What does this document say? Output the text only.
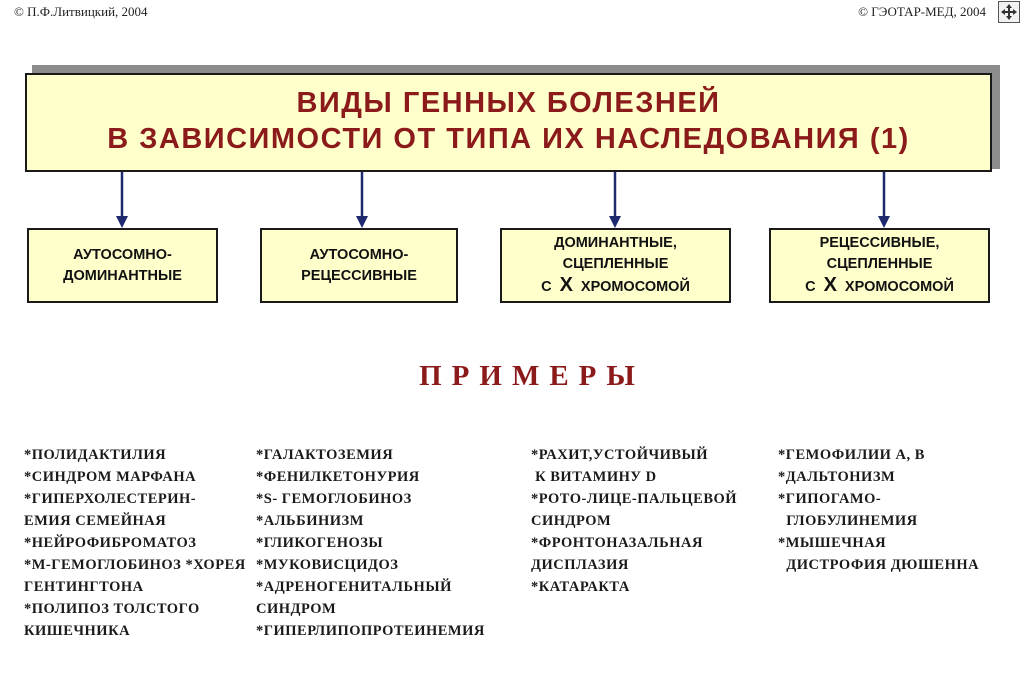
© П.Ф.Литвицкий, 2004	© ГЭОТАР-МЕД, 2004
ВИДЫ ГЕННЫХ БОЛЕЗНЕЙ
В ЗАВИСИМОСТИ ОТ ТИПА ИХ НАСЛЕДОВАНИЯ (1)
АУТОСОМНО-
ДОМИНАНТНЫЕ
АУТОСОМНО-
РЕЦЕССИВНЫЕ
ДОМИНАНТНЫЕ,
СЦЕПЛЕННЫЕ
С Х ХРОМОСОМОЙ
РЕЦЕССИВНЫЕ,
СЦЕПЛЕННЫЕ
С Х ХРОМОСОМОЙ
ПРИМЕРЫ
*ПОЛИДАКТИЛИЯ
*СИНДРОМ МАРФАНА
*ГИПЕРХОЛЕСТЕРИН-
ЕМИЯ СЕМЕЙНАЯ
*НЕЙРОФИБРОМАТОЗ
*М-ГЕМОГЛОБИНОЗ *ХОРЕЯ
ГЕНТИНГТОНА
*ПОЛИПОЗ ТОЛСТОГО
КИШЕЧНИКА
*ГАЛАКТОЗЕМИЯ
*ФЕНИЛКЕТОНУРИЯ
*S- ГЕМОГЛОБИНОЗ
*АЛЬБИНИЗМ
*ГЛИКОГЕНОЗЫ
*МУКОВИСЦИДОЗ
*АДРЕНОГЕНИТАЛЬНЫЙ
СИНДРОМ
*ГИПЕРЛИПОПРОТЕИНЕМИЯ
*РАХИТ,УСТОЙЧИВЫЙ
К ВИТАМИНУ D
*РОТО-ЛИЦЕ-ПАЛЬЦЕВОЙ
СИНДРОМ
*ФРОНТОНАЗАЛЬНАЯ
ДИСПЛАЗИЯ
*КАТАРАКТА
*ГЕМОФИЛИИ А, В
*ДАЛЬТОНИЗМ
*ГИПОГАМО-
ГЛОБУЛИНЕМИЯ
*МЫШЕЧНАЯ
ДИСТРОФИЯ ДЮШЕННА
